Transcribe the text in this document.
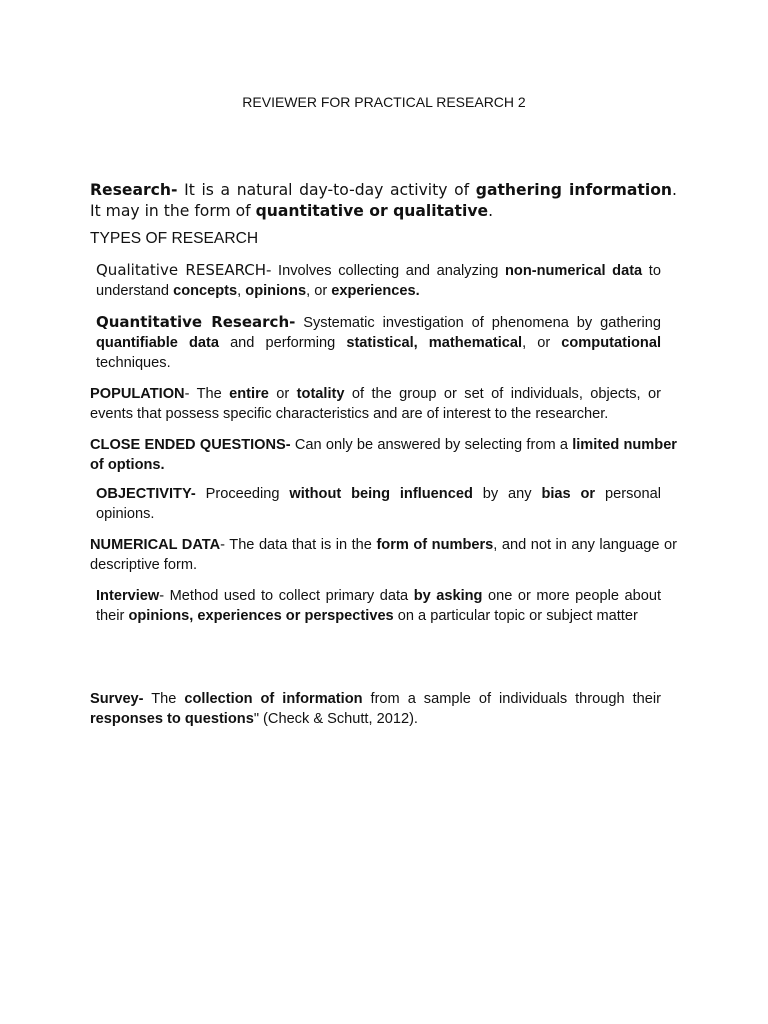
REVIEWER FOR PRACTICAL RESEARCH 2

Research- It is a natural day-to-day activity of gathering information. It may in the form of quantitative or qualitative.

TYPES OF RESEARCH

Qualitative RESEARCH- Involves collecting and analyzing non-numerical data to understand concepts, opinions, or experiences.

Quantitative Research- Systematic investigation of phenomena by gathering quantifiable data and performing statistical, mathematical, or computational techniques.

POPULATION- The entire or totality of the group or set of individuals, objects, or events that possess specific characteristics and are of interest to the researcher.

CLOSE ENDED QUESTIONS- Can only be answered by selecting from a limited number of options.

OBJECTIVITY- Proceeding without being influenced by any bias or personal opinions.

NUMERICAL DATA- The data that is in the form of numbers, and not in any language or descriptive form.

Interview- Method used to collect primary data by asking one or more people about their opinions, experiences or perspectives on a particular topic or subject matter

Survey- The collection of information from a sample of individuals through their responses to questions" (Check & Schutt, 2012).
